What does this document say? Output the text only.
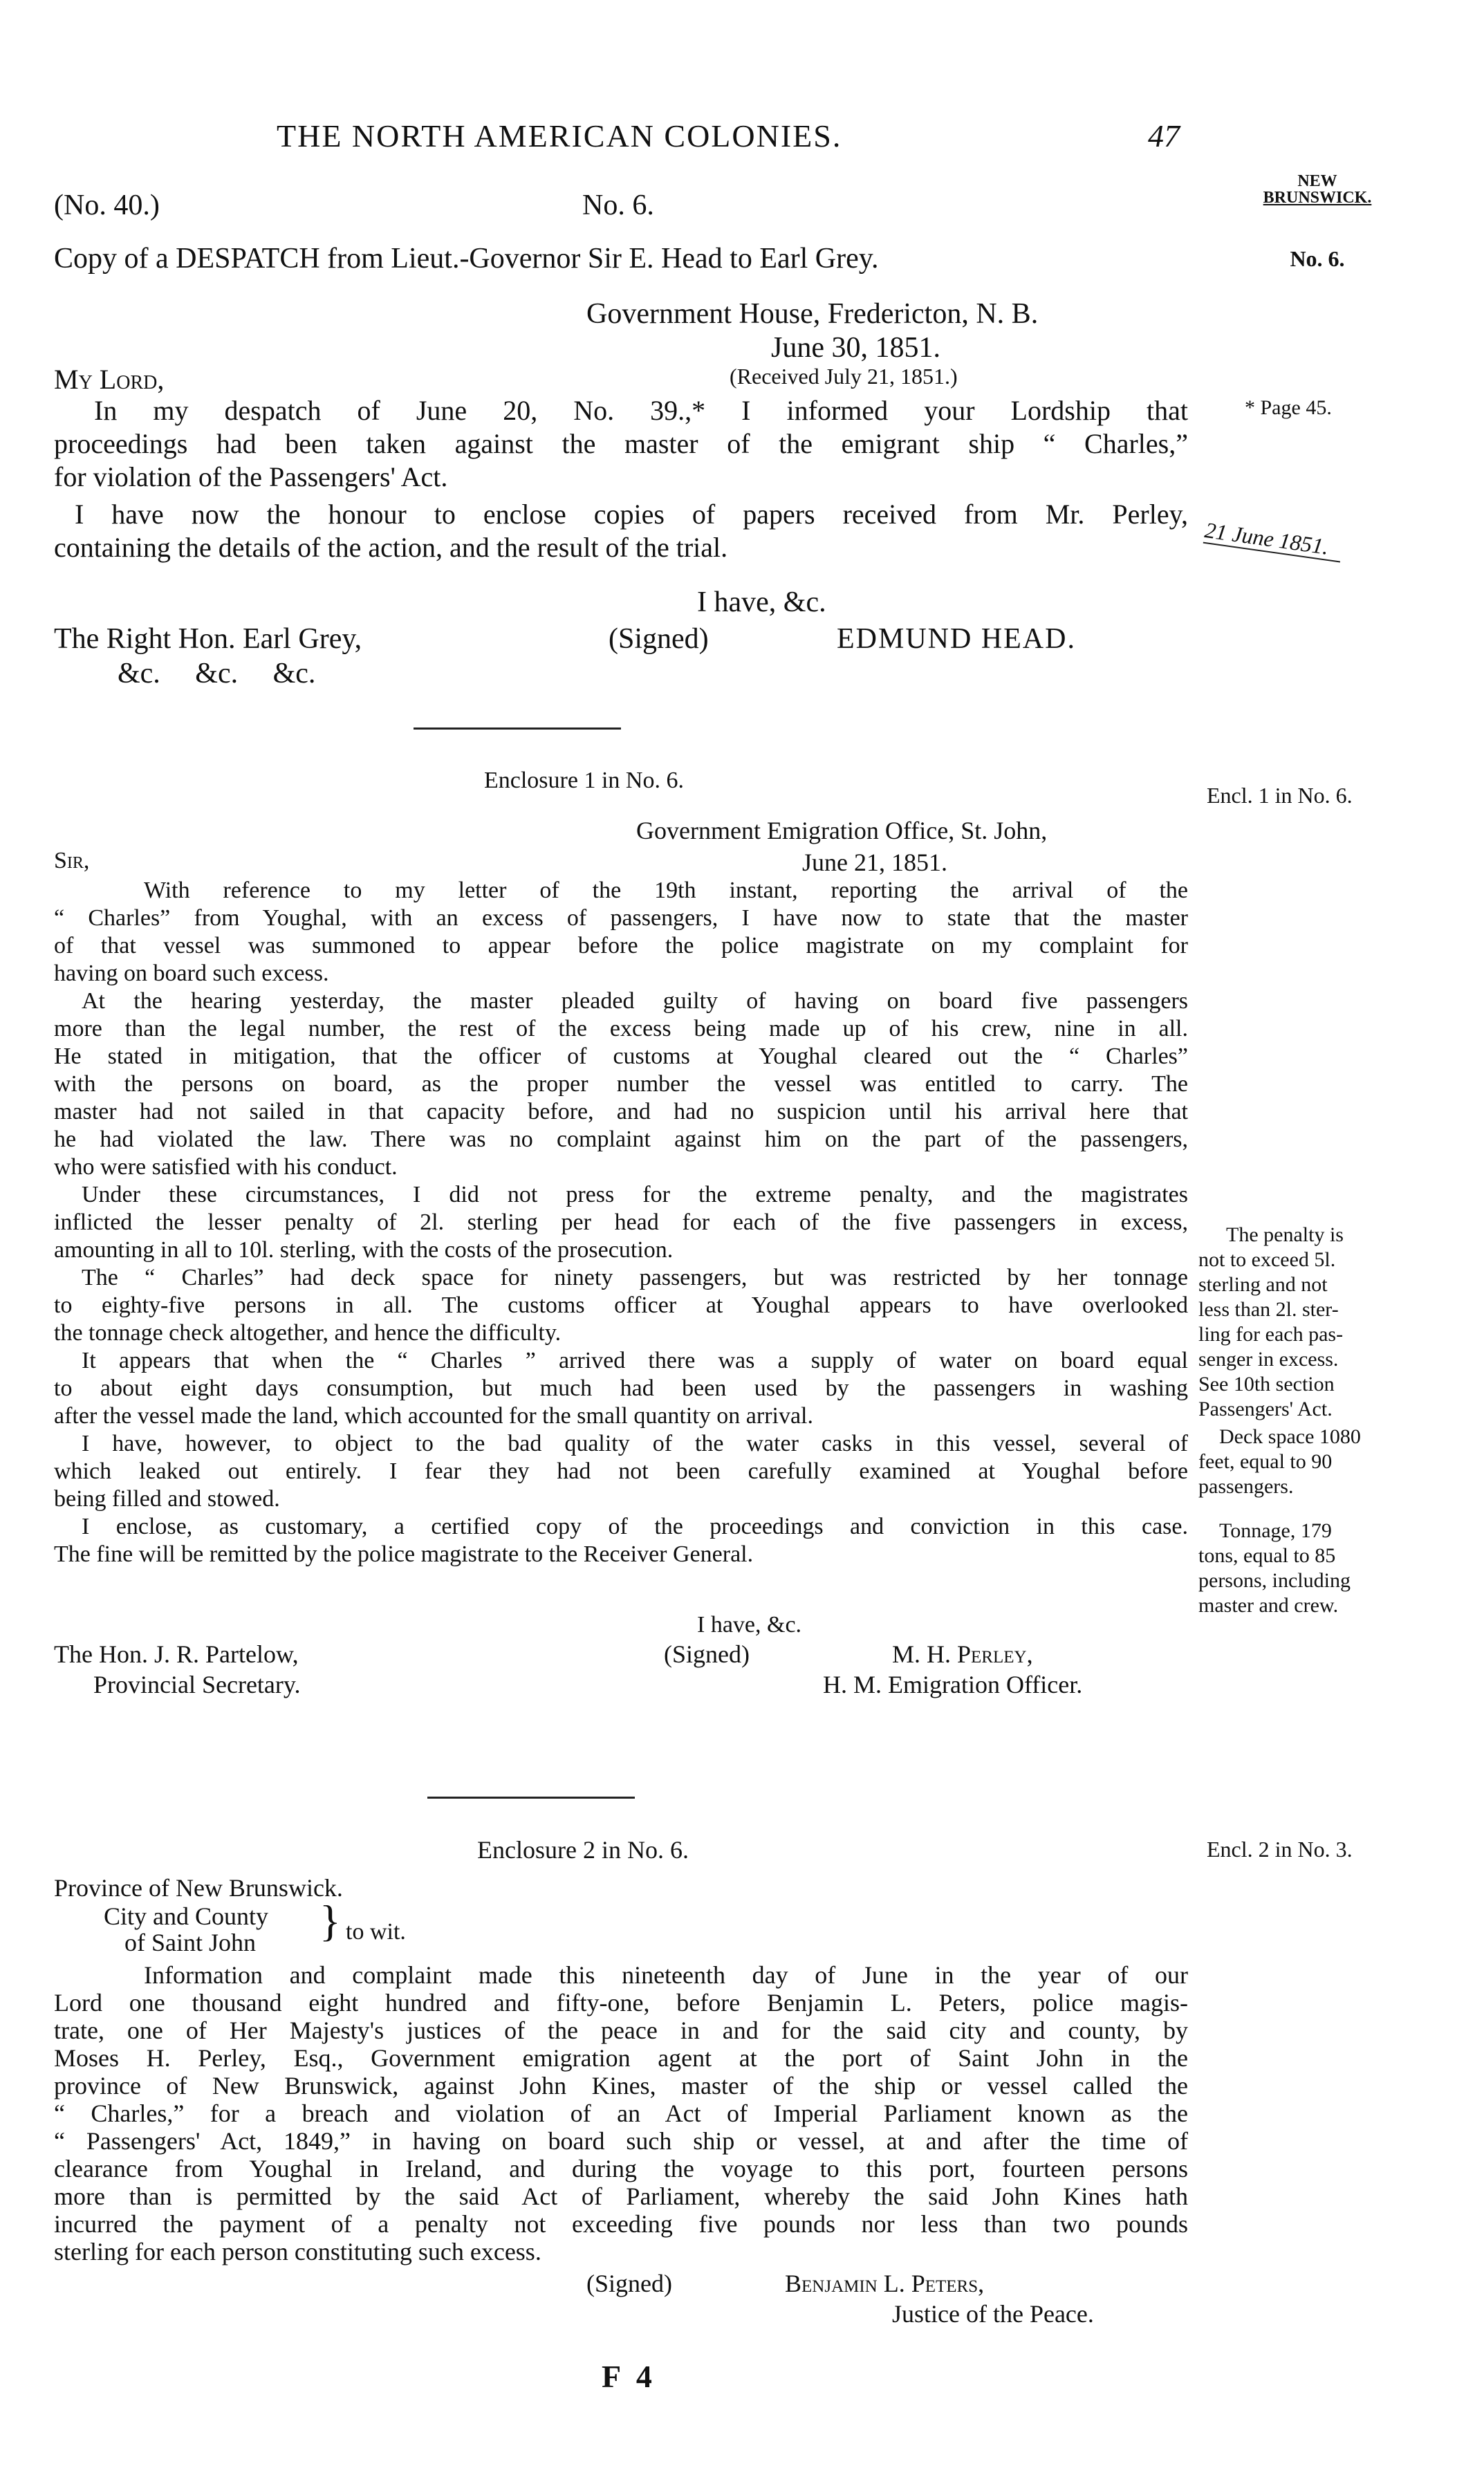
THE NORTH AMERICAN COLONIES.	47
NEW
BRUNSWICK.
No. 6.
(No. 40.)	No. 6.
Copy of a DESPATCH from Lieut.-Governor Sir E. Head to Earl Grey.
Government House, Fredericton, N. B.
June 30, 1851.
(Received July 21, 1851.)
My Lord,
In my despatch of June 20, No. 39.,* I informed your Lordship that
proceedings had been taken against the master of the emigrant ship “ Charles,”
for violation of the Passengers' Act.
* Page 45.
I have now the honour to enclose copies of papers received from Mr. Perley,
containing the details of the action, and the result of the trial.	21 June 1851.
I have, &c.
The Right Hon. Earl Grey,	(Signed)	EDMUND HEAD.
&c. &c. &c.
Enclosure 1 in No. 6.
Encl. 1 in No. 6.
Government Emigration Office, St. John,
June 21, 1851.
Sir,
With reference to my letter of the 19th instant, reporting the arrival of the
“ Charles” from Youghal, with an excess of passengers, I have now to state that the master
of that vessel was summoned to appear before the police magistrate on my complaint for
having on board such excess.
At the hearing yesterday, the master pleaded guilty of having on board five passengers
more than the legal number, the rest of the excess being made up of his crew, nine in all.
He stated in mitigation, that the officer of customs at Youghal cleared out the “ Charles”
with the persons on board, as the proper number the vessel was entitled to carry. The
master had not sailed in that capacity before, and had no suspicion until his arrival here that
he had violated the law. There was no complaint against him on the part of the passengers,
who were satisfied with his conduct.
Under these circumstances, I did not press for the extreme penalty, and the magistrates
inflicted the lesser penalty of 2l. sterling per head for each of the five passengers in excess,
amounting in all to 10l. sterling, with the costs of the prosecution.
The “ Charles” had deck space for ninety passengers, but was restricted by her tonnage
to eighty-five persons in all. The customs officer at Youghal appears to have overlooked
the tonnage check altogether, and hence the difficulty.
It appears that when the “ Charles ” arrived there was a supply of water on board equal
to about eight days consumption, but much had been used by the passengers in washing
after the vessel made the land, which accounted for the small quantity on arrival.
I have, however, to object to the bad quality of the water casks in this vessel, several of
which leaked out entirely. I fear they had not been carefully examined at Youghal before
being filled and stowed.
I enclose, as customary, a certified copy of the proceedings and conviction in this case.
The fine will be remitted by the police magistrate to the Receiver General.
The penalty is
not to exceed 5l.
sterling and not
less than 2l. ster-
ling for each pas-
senger in excess.
See 10th section
Passengers' Act.
Deck space 1080
feet, equal to 90
passengers.
Tonnage, 179
tons, equal to 85
persons, including
master and crew.
I have, &c.
The Hon. J. R. Partelow,	(Signed)	M. H. Perley,
Provincial Secretary.	H. M. Emigration Officer.
Enclosure 2 in No. 6.	Encl. 2 in No. 3.
Province of New Brunswick.
City and County
of Saint John } to wit.
Information and complaint made this nineteenth day of June in the year of our
Lord one thousand eight hundred and fifty-one, before Benjamin L. Peters, police magis-
trate, one of Her Majesty's justices of the peace in and for the said city and county, by
Moses H. Perley, Esq., Government emigration agent at the port of Saint John in the
province of New Brunswick, against John Kines, master of the ship or vessel called the
“ Charles,” for a breach and violation of an Act of Imperial Parliament known as the
“ Passengers' Act, 1849,” in having on board such ship or vessel, at and after the time of
clearance from Youghal in Ireland, and during the voyage to this port, fourteen persons
more than is permitted by the said Act of Parliament, whereby the said John Kines hath
incurred the payment of a penalty not exceeding five pounds nor less than two pounds
sterling for each person constituting such excess.
(Signed)	Benjamin L. Peters,
Justice of the Peace.
F 4
